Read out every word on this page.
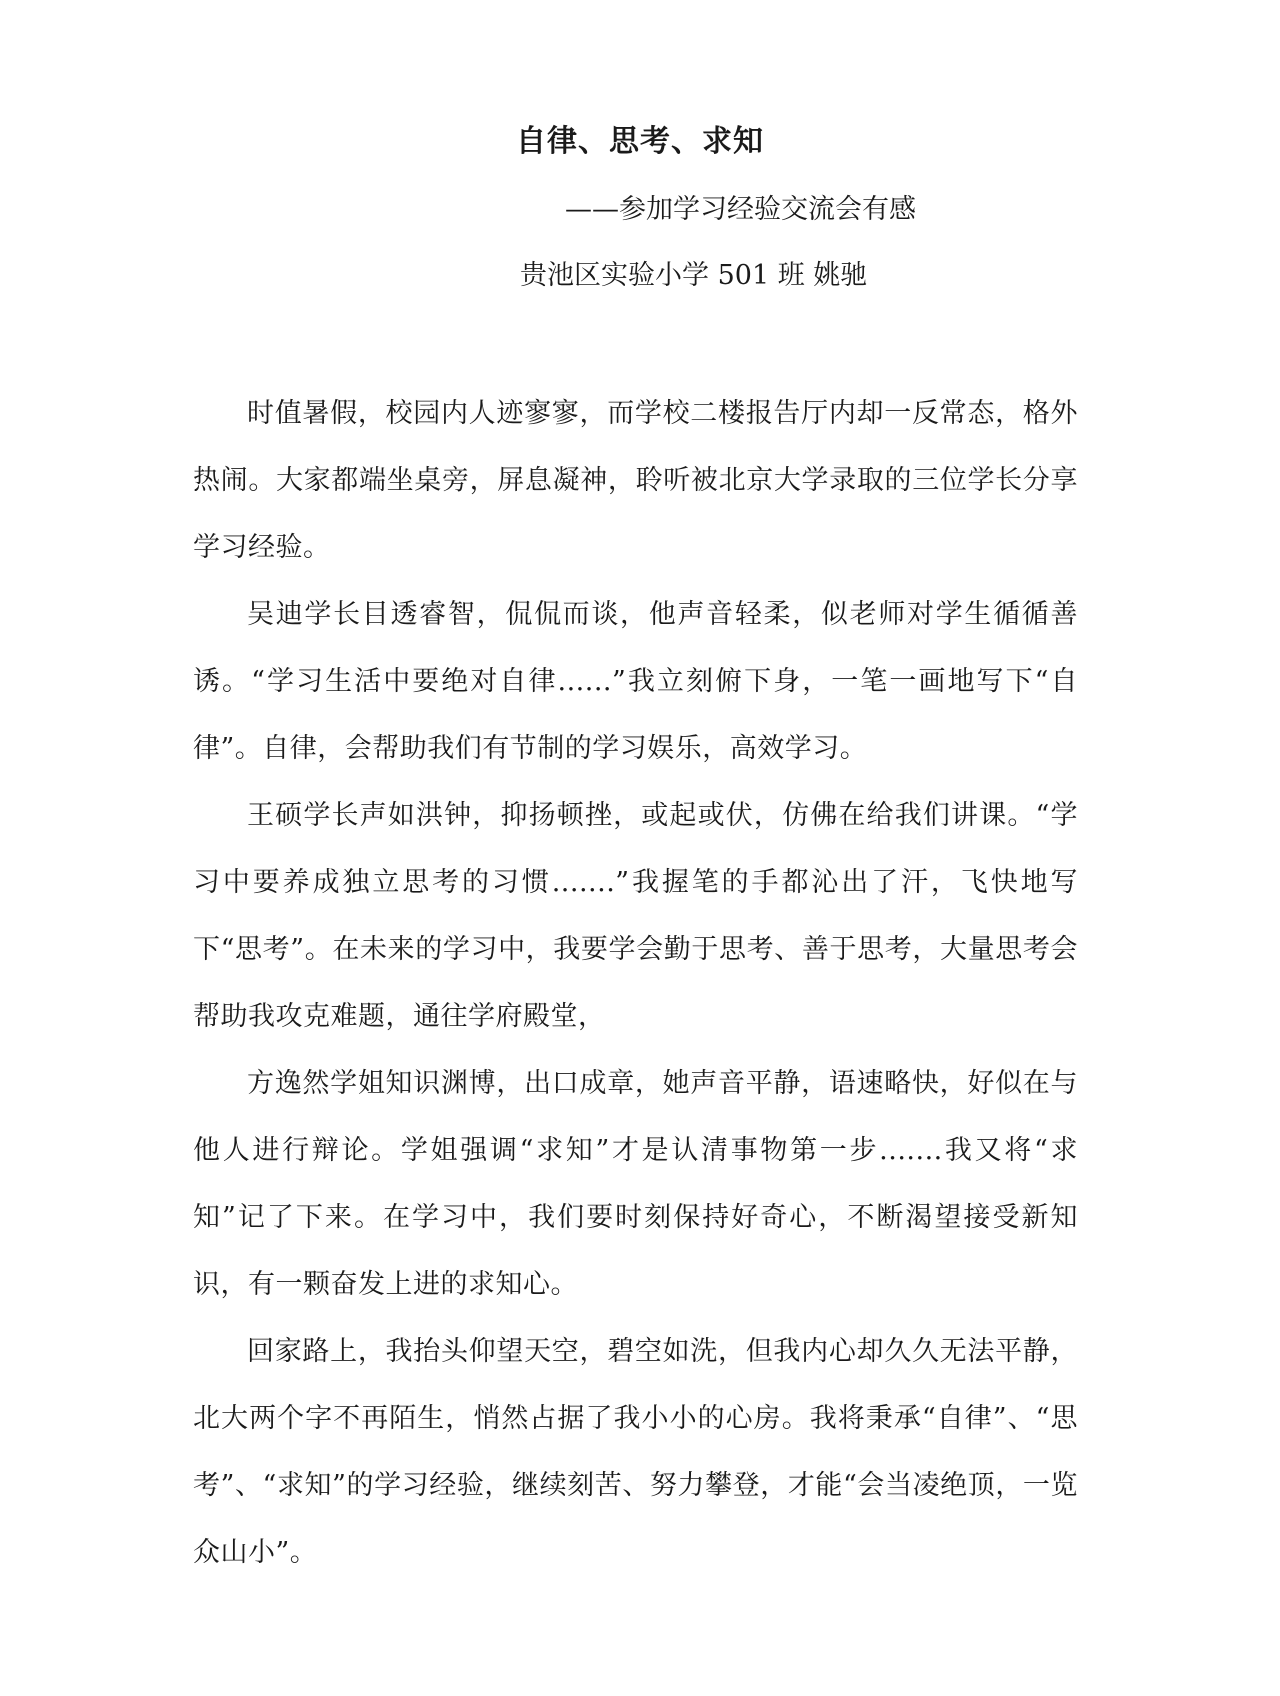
自律、思考、求知
——参加学习经验交流会有感
贵池区实验小学 501 班 姚驰

时值暑假，校园内人迹寥寥，而学校二楼报告厅内却一反常态，格外热闹。大家都端坐桌旁，屏息凝神，聆听被北京大学录取的三位学长分享学习经验。

吴迪学长目透睿智，侃侃而谈，他声音轻柔，似老师对学生循循善诱。“学习生活中要绝对自律......”我立刻俯下身，一笔一画地写下“自律”。自律，会帮助我们有节制的学习娱乐，高效学习。

王硕学长声如洪钟，抑扬顿挫，或起或伏，仿佛在给我们讲课。“学习中要养成独立思考的习惯.......”我握笔的手都沁出了汗，飞快地写下“思考”。在未来的学习中，我要学会勤于思考、善于思考，大量思考会帮助我攻克难题，通往学府殿堂，

方逸然学姐知识渊博，出口成章，她声音平静，语速略快，好似在与他人进行辩论。学姐强调“求知”才是认清事物第一步.......我又将“求知”记了下来。在学习中，我们要时刻保持好奇心，不断渴望接受新知识，有一颗奋发上进的求知心。

回家路上，我抬头仰望天空，碧空如洗，但我内心却久久无法平静，北大两个字不再陌生，悄然占据了我小小的心房。我将秉承“自律”、“思考”、“求知”的学习经验，继续刻苦、努力攀登，才能“会当凌绝顶，一览众山小”。
